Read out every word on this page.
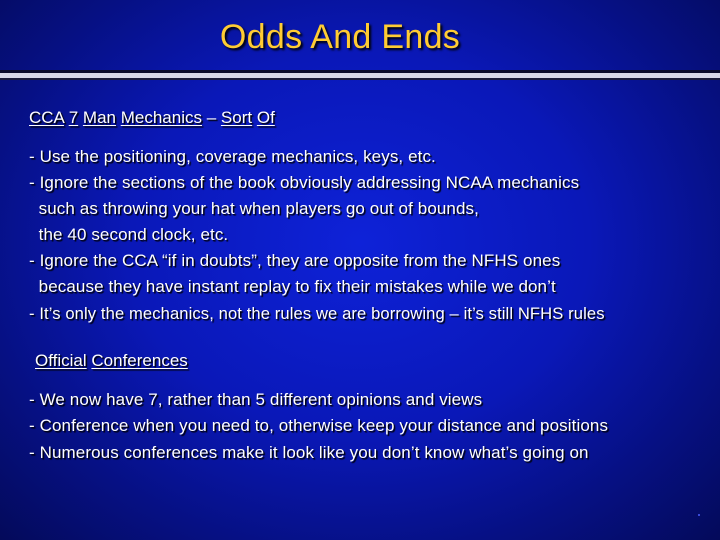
Odds And Ends
CCA 7 Man Mechanics – Sort Of
- Use the positioning, coverage mechanics, keys, etc.
- Ignore the sections of the book obviously addressing NCAA mechanics
such as throwing your hat when players go out of bounds,
the 40 second clock, etc.
- Ignore the CCA “if in doubts”, they are opposite from the NFHS ones
because they have instant replay to fix their mistakes while we don’t
- It’s only the mechanics, not the rules we are borrowing – it’s still NFHS rules
Official Conferences
- We now have 7, rather than 5 different opinions and views
- Conference when you need to, otherwise keep your distance and positions
- Numerous conferences make it look like you don’t know what’s going on
